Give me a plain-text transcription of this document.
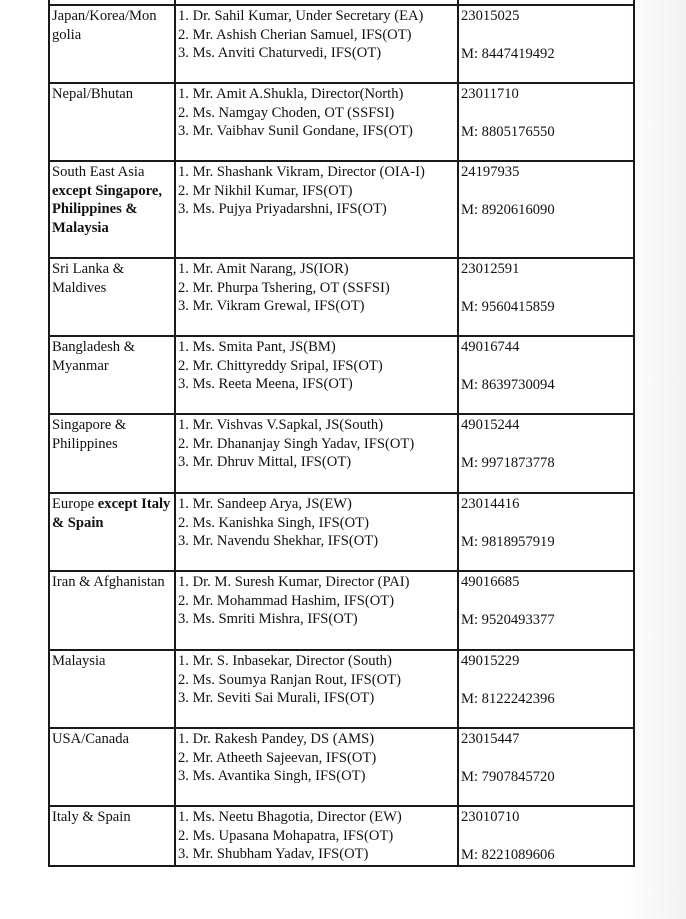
Japan/Korea/Mon golia	1. Dr. Sahil Kumar, Under Secretary (EA)
2. Mr. Ashish Cherian Samuel, IFS(OT)
3. Ms. Anviti Chaturvedi, IFS(OT)	23015025
M: 8447419492

Nepal/Bhutan	1. Mr. Amit A.Shukla, Director(North)
2. Ms. Namgay Choden, OT (SSFSI)
3. Mr. Vaibhav Sunil Gondane, IFS(OT)	23011710
M: 8805176550

South East Asia except Singapore, Philippines & Malaysia	1. Mr. Shashank Vikram, Director (OIA-I)
2. Mr Nikhil Kumar, IFS(OT)
3. Ms. Pujya Priyadarshni, IFS(OT)	24197935
M: 8920616090

Sri Lanka & Maldives	1. Mr. Amit Narang, JS(IOR)
2. Mr. Phurpa Tshering, OT (SSFSI)
3. Mr. Vikram Grewal, IFS(OT)	23012591
M: 9560415859

Bangladesh & Myanmar	1. Ms. Smita Pant, JS(BM)
2. Mr. Chittyreddy Sripal, IFS(OT)
3. Ms. Reeta Meena, IFS(OT)	49016744
M: 8639730094

Singapore & Philippines	1. Mr. Vishvas V.Sapkal, JS(South)
2. Mr. Dhananjay Singh Yadav, IFS(OT)
3. Mr. Dhruv Mittal, IFS(OT)	49015244
M: 9971873778

Europe except Italy & Spain	1. Mr. Sandeep Arya, JS(EW)
2. Ms. Kanishka Singh, IFS(OT)
3. Mr. Navendu Shekhar, IFS(OT)	23014416
M: 9818957919

Iran & Afghanistan	1. Dr. M. Suresh Kumar, Director (PAI)
2. Mr. Mohammad Hashim, IFS(OT)
3. Ms. Smriti Mishra, IFS(OT)	49016685
M: 9520493377

Malaysia	1. Mr. S. Inbasekar, Director (South)
2. Ms. Soumya Ranjan Rout, IFS(OT)
3. Mr. Seviti Sai Murali, IFS(OT)	49015229
M: 8122242396

USA/Canada	1. Dr. Rakesh Pandey, DS (AMS)
2. Mr. Atheeth Sajeevan, IFS(OT)
3. Ms. Avantika Singh, IFS(OT)	23015447
M: 7907845720

Italy & Spain	1. Ms. Neetu Bhagotia, Director (EW)
2. Ms. Upasana Mohapatra, IFS(OT)
3. Mr. Shubham Yadav, IFS(OT)	23010710
M: 8221089606
